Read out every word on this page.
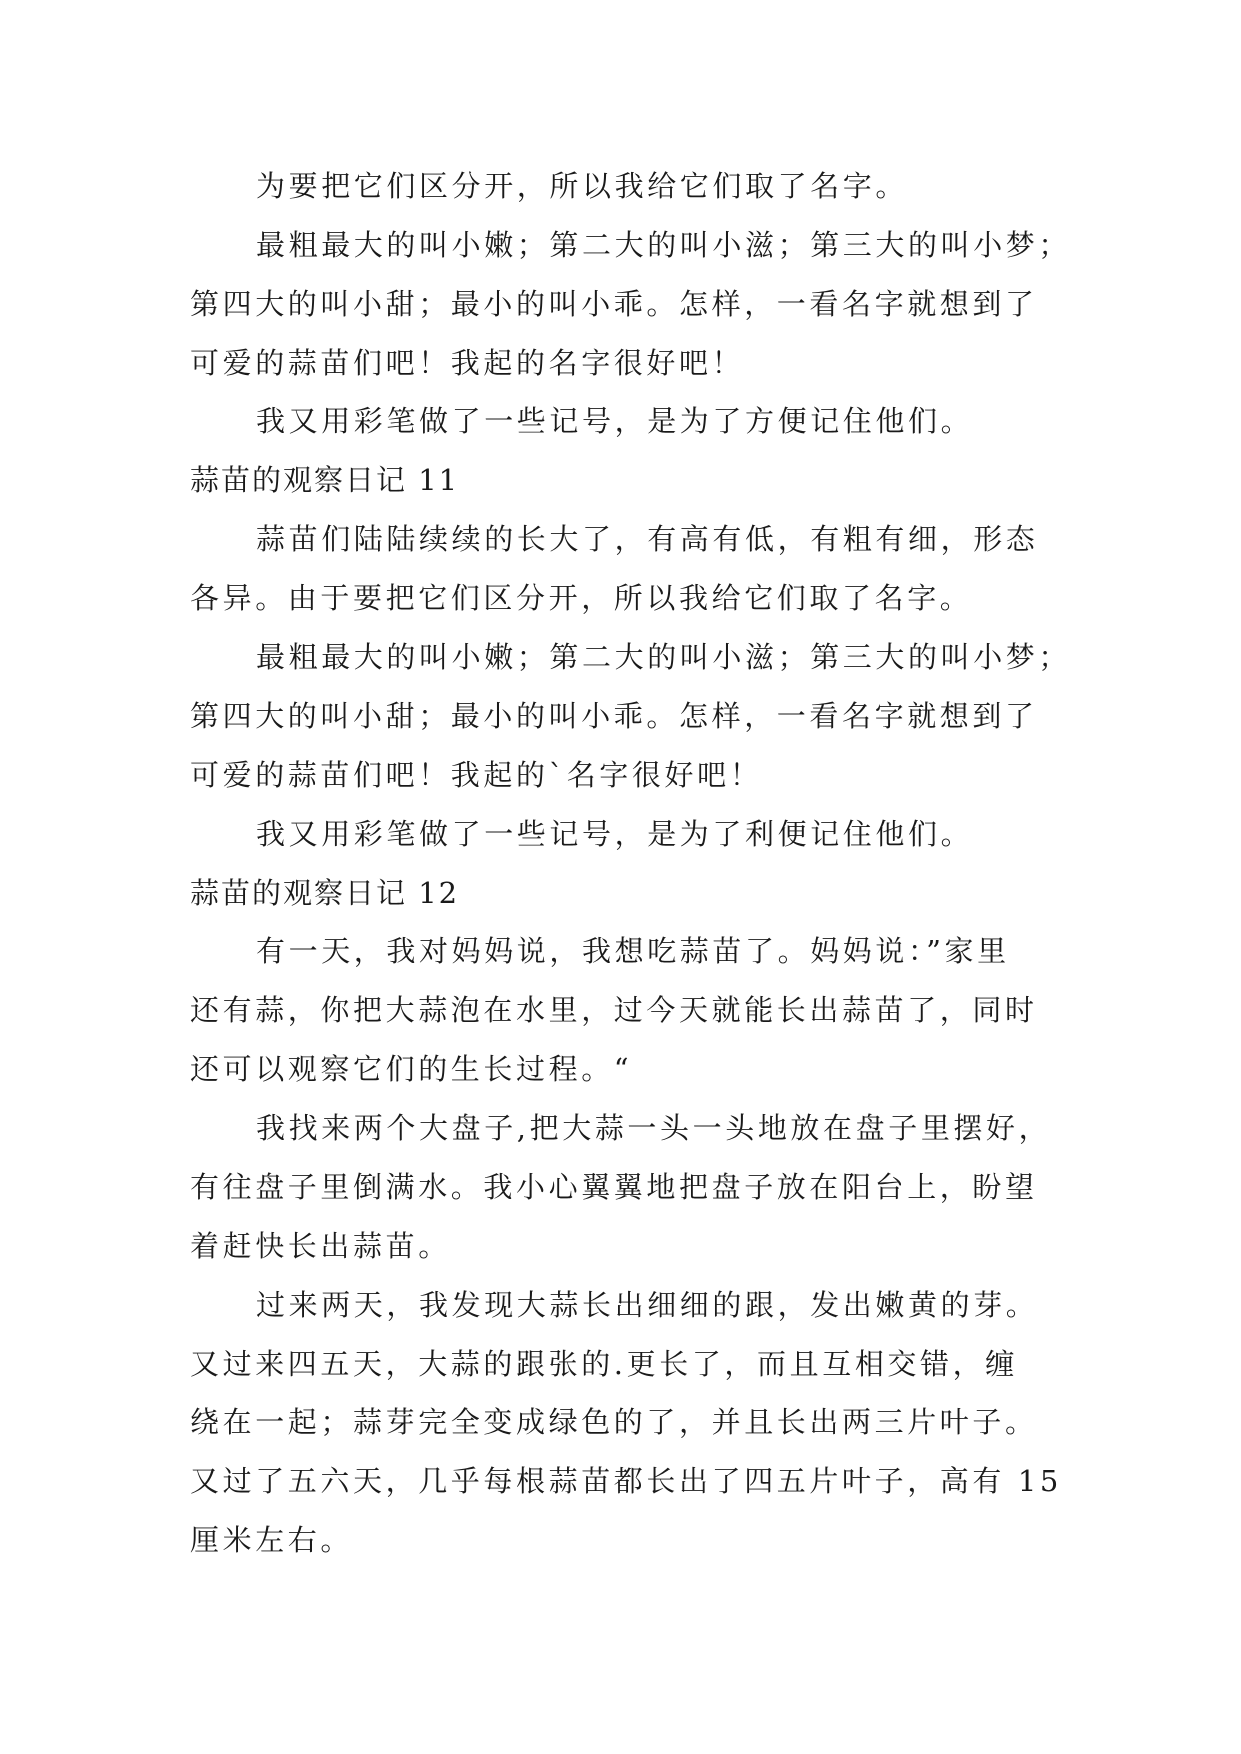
为要把它们区分开，所以我给它们取了名字。
最粗最大的叫小嫩；第二大的叫小滋；第三大的叫小梦；
第四大的叫小甜；最小的叫小乖。怎样，一看名字就想到了
可爱的蒜苗们吧！我起的名字很好吧！
我又用彩笔做了一些记号，是为了方便记住他们。
蒜苗的观察日记 11
蒜苗们陆陆续续的长大了，有高有低，有粗有细，形态
各异。由于要把它们区分开，所以我给它们取了名字。
最粗最大的叫小嫩；第二大的叫小滋；第三大的叫小梦；
第四大的叫小甜；最小的叫小乖。怎样，一看名字就想到了
可爱的蒜苗们吧！我起的`名字很好吧！
我又用彩笔做了一些记号，是为了利便记住他们。
蒜苗的观察日记 12
有一天，我对妈妈说，我想吃蒜苗了。妈妈说：”家里
还有蒜，你把大蒜泡在水里，过今天就能长出蒜苗了，同时
还可以观察它们的生长过程。“
我找来两个大盘子,把大蒜一头一头地放在盘子里摆好，
有往盘子里倒满水。我小心翼翼地把盘子放在阳台上，盼望
着赶快长出蒜苗。
过来两天，我发现大蒜长出细细的跟，发出嫩黄的芽。
又过来四五天，大蒜的跟张的.更长了，而且互相交错，缠
绕在一起；蒜芽完全变成绿色的了，并且长出两三片叶子。
又过了五六天，几乎每根蒜苗都长出了四五片叶子，高有 15
厘米左右。
